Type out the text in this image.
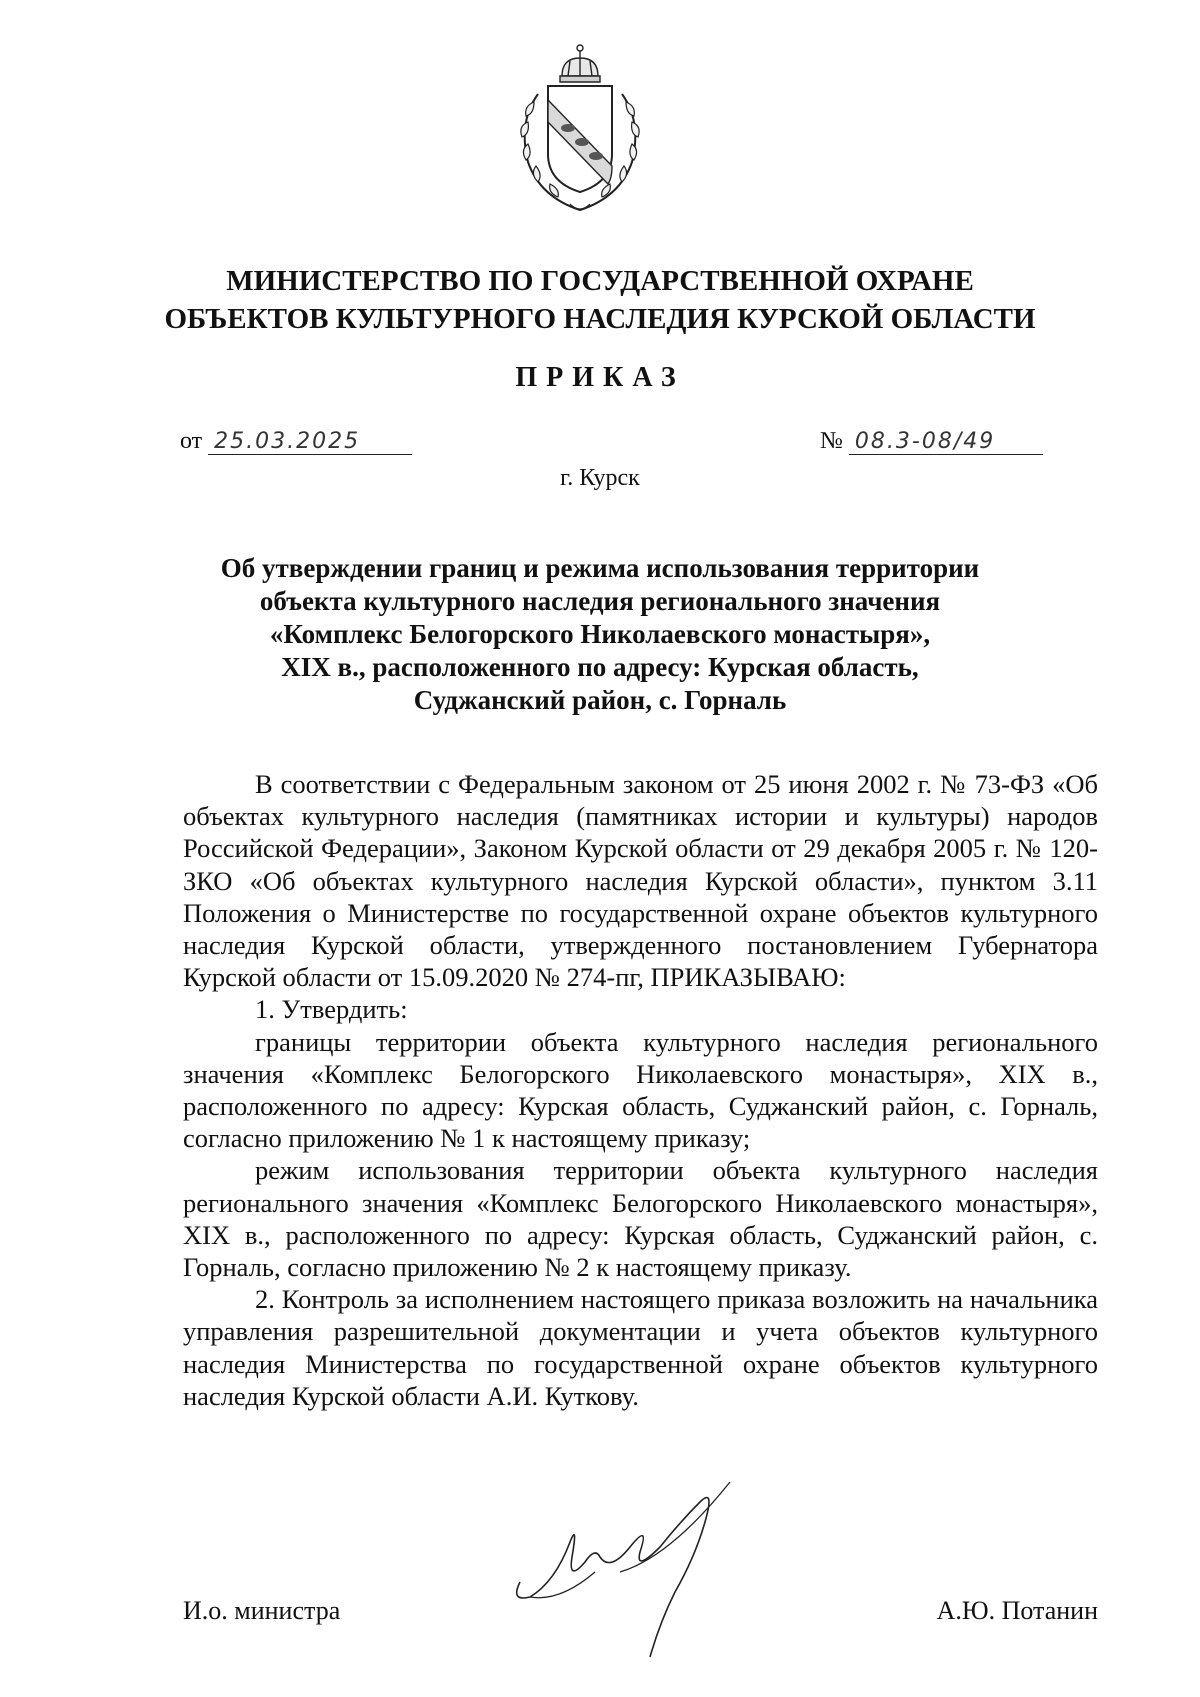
МИНИСТЕРСТВО ПО ГОСУДАРСТВЕННОЙ ОХРАНЕ
ОБЪЕКТОВ КУЛЬТУРНОГО НАСЛЕДИЯ КУРСКОЙ ОБЛАСТИ
ПРИКАЗ
от 25.03.2025	№ 08.3-08/49
г. Курск
Об утверждении границ и режима использования территории
объекта культурного наследия регионального значения
«Комплекс Белогорского Николаевского монастыря»,
XIX в., расположенного по адресу: Курская область,
Суджанский район, с. Горналь

В соответствии с Федеральным законом от 25 июня 2002 г. № 73-ФЗ «Об объектах культурного наследия (памятниках истории и культуры) народов Российской Федерации», Законом Курской области от 29 декабря 2005 г. № 120-ЗКО «Об объектах культурного наследия Курской области», пунктом 3.11 Положения о Министерстве по государственной охране объектов культурного наследия Курской области, утвержденного постановлением Губернатора Курской области от 15.09.2020 № 274-пг, ПРИКАЗЫВАЮ:

1. Утвердить:

границы территории объекта культурного наследия регионального значения «Комплекс Белогорского Николаевского монастыря», XIX в., расположенного по адресу: Курская область, Суджанский район, с. Горналь, согласно приложению № 1 к настоящему приказу;

режим использования территории объекта культурного наследия регионального значения «Комплекс Белогорского Николаевского монастыря», XIX в., расположенного по адресу: Курская область, Суджанский район, с. Горналь, согласно приложению № 2 к настоящему приказу.

2. Контроль за исполнением настоящего приказа возложить на начальника управления разрешительной документации и учета объектов культурного наследия Министерства по государственной охране объектов культурного наследия Курской области А.И. Куткову.

И.о. министра	А.Ю. Потанин
